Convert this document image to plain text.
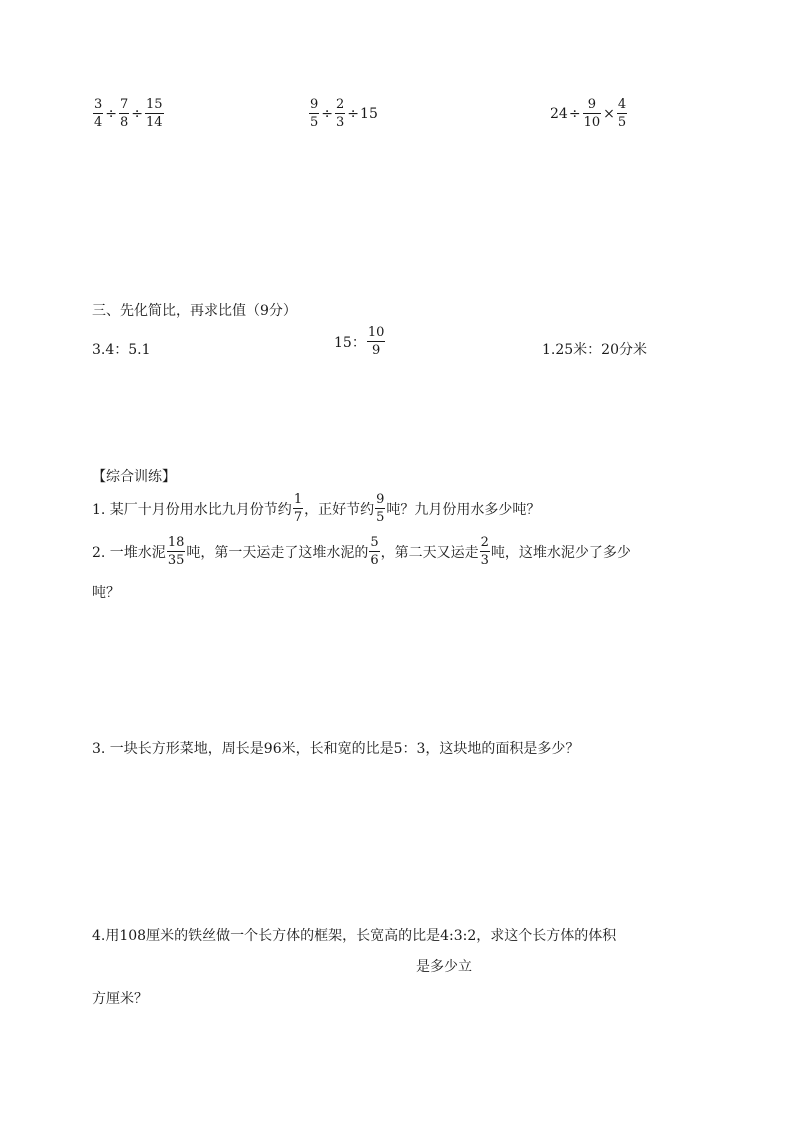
$\frac{3}{4} \div \frac{7}{8} \div \frac{15}{14}$	$\frac{9}{5} \div \frac{2}{3} \div 15$	$24 \div \frac{9}{10} \times \frac{4}{5}$
三、先化简比，再求比值（9分）
3.4：5.1	15： $\frac{10}{9}$	1.25米：20分米
【综合训练】
1. 某厂十月份用水比九月份节约 $\frac{1}{7}$ ，正好节约 $\frac{9}{5}$ 吨？九月份用水多少吨？
2. 一堆水泥 $\frac{18}{35}$ 吨，第一天运走了这堆水泥的 $\frac{5}{6}$ ，第二天又运走 $\frac{2}{3}$ 吨，这堆水泥少了多少
吨？
3. 一块长方形菜地，周长是96米，长和宽的比是5：3，这块地的面积是多少？
4.用108厘米的铁丝做一个长方体的框架，长宽高的比是4:3:2，求这个长方体的体积
是多少立
方厘米？
